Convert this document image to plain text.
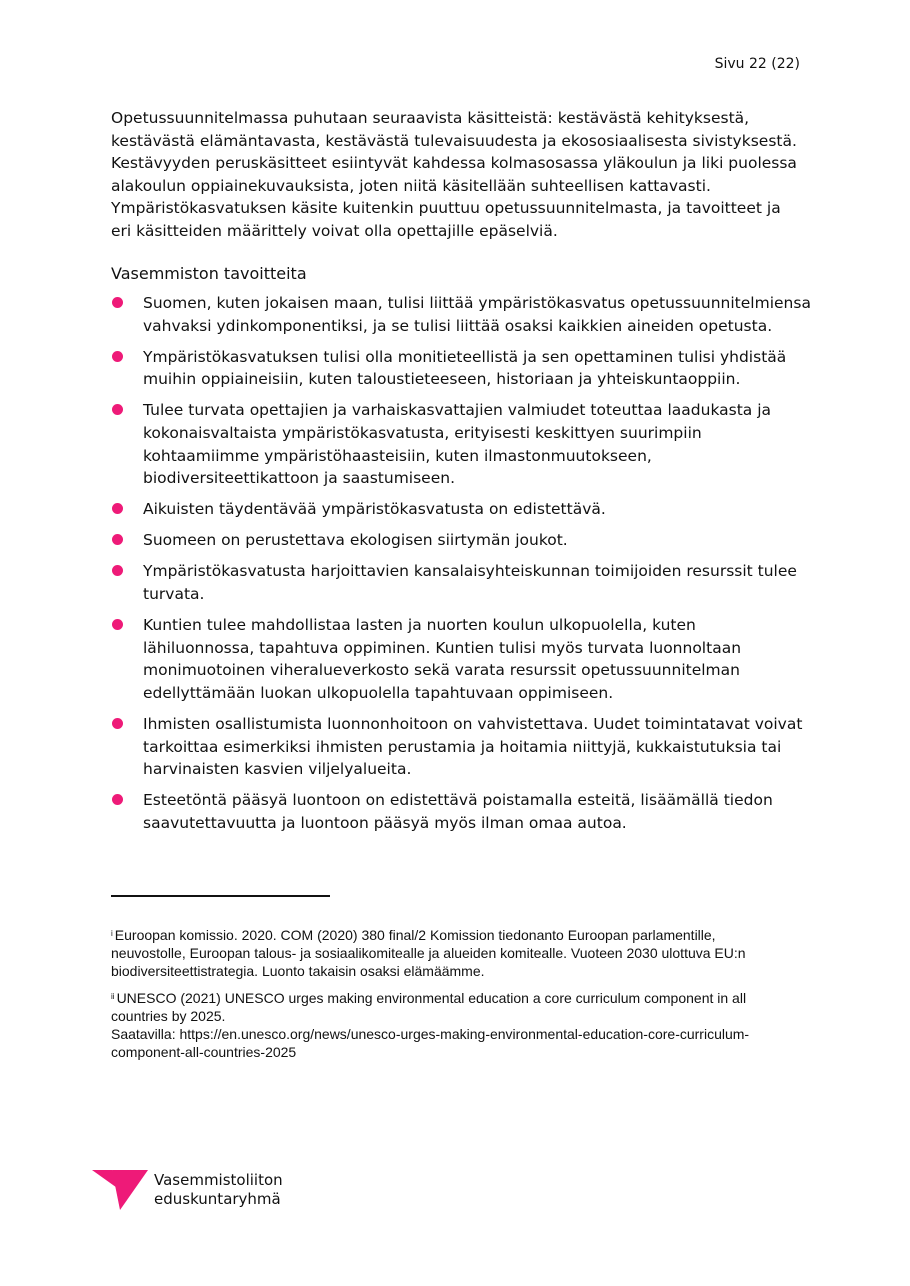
Sivu 22 (22)

Opetussuunnitelmassa puhutaan seuraavista käsitteistä: kestävästä kehityksestä, kestävästä elämäntavasta, kestävästä tulevaisuudesta ja ekososiaalisesta sivistyksestä. Kestävyyden peruskäsitteet esiintyvät kahdessa kolmasosassa yläkoulun ja liki puolessa alakoulun oppiainekuvauksista, joten niitä käsitellään suhteellisen kattavasti. Ympäristökasvatuksen käsite kuitenkin puuttuu opetussuunnitelmasta, ja tavoitteet ja eri käsitteiden määrittely voivat olla opettajille epäselviä.

Vasemmiston tavoitteita
Suomen, kuten jokaisen maan, tulisi liittää ympäristökasvatus opetussuunnitelmiensa vahvaksi ydinkomponentiksi, ja se tulisi liittää osaksi kaikkien aineiden opetusta.
Ympäristökasvatuksen tulisi olla monitieteellistä ja sen opettaminen tulisi yhdistää muihin oppiaineisiin, kuten taloustieteeseen, historiaan ja yhteiskuntaoppiin.
Tulee turvata opettajien ja varhaiskasvattajien valmiudet toteuttaa laadukasta ja kokonaisvaltaista ympäristökasvatusta, erityisesti keskittyen suurimpiin kohtaamiimme ympäristöhaasteisiin, kuten ilmastonmuutokseen, biodiversiteettikattoon ja saastumiseen.
Aikuisten täydentävää ympäristökasvatusta on edistettävä.
Suomeen on perustettava ekologisen siirtymän joukot.
Ympäristökasvatusta harjoittavien kansalaisyhteiskunnan toimijoiden resurssit tulee turvata.
Kuntien tulee mahdollistaa lasten ja nuorten koulun ulkopuolella, kuten lähiluonnossa, tapahtuva oppiminen. Kuntien tulisi myös turvata luonnoltaan monimuotoinen viheralueverkosto sekä varata resurssit opetussuunnitelman edellyttämään luokan ulkopuolella tapahtuvaan oppimiseen.
Ihmisten osallistumista luonnonhoitoon on vahvistettava. Uudet toimintatavat voivat tarkoittaa esimerkiksi ihmisten perustamia ja hoitamia niittyjä, kukkaistutuksia tai harvinaisten kasvien viljelyalueita.
Esteetöntä pääsyä luontoon on edistettävä poistamalla esteitä, lisäämällä tiedon saavutettavuutta ja luontoon pääsyä myös ilman omaa autoa.

$^i$ Euroopan komissio. 2020. COM (2020) 380 final/2 Komission tiedonanto Euroopan parlamentille, neuvostolle, Euroopan talous- ja sosiaalikomitealle ja alueiden komitealle. Vuoteen 2030 ulottuva EU:n biodiversiteettistrategia. Luonto takaisin osaksi elämäämme.

$^{ii}$ UNESCO (2021) UNESCO urges making environmental education a core curriculum component in all countries by 2025.
Saatavilla: https://en.unesco.org/news/unesco-urges-making-environmental-education-core-curriculum-component-all-countries-2025

Vasemmistoliiton
eduskuntaryhmä
